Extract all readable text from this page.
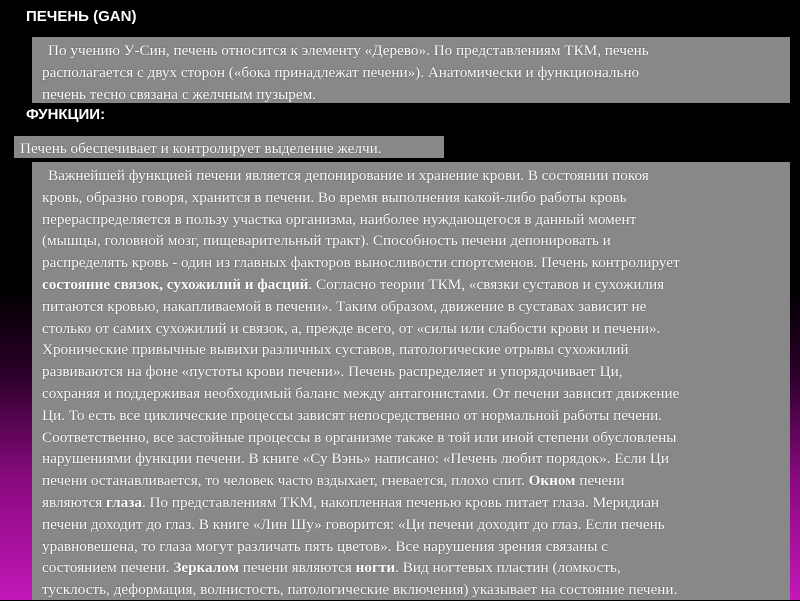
ПЕЧЕНЬ (GAN)
По учению У-Син, печень относится к элементу «Дерево». По представлениям ТКМ, печень
располагается с двух сторон («бока принадлежат печени»). Анатомически и функционально
печень тесно связана с желчным пузырем.
ФУНКЦИИ:
Печень обеспечивает и контролирует выделение желчи.
Важнейшей функцией печени является депонирование и хранение крови. В состоянии покоя
кровь, образно говоря, хранится в печени. Во время выполнения какой-либо работы кровь
перераспределяется в пользу участка организма, наиболее нуждающегося в данный момент
(мышцы, головной мозг, пищеварительный тракт). Способность печени депонировать и
распределять кровь - один из главных факторов выносливости спортсменов. Печень контролирует
состояние связок, сухожилий и фасций. Согласно теории ТКМ, «связки суставов и сухожилия
питаются кровью, накапливаемой в печени». Таким образом, движение в суставах зависит не
столько от самих сухожилий и связок, а, прежде всего, от «силы или слабости крови и печени».
Хронические привычные вывихи различных суставов, патологические отрывы сухожилий
развиваются на фоне «пустоты крови печени». Печень распределяет и упорядочивает Ци,
сохраняя и поддерживая необходимый баланс между антагонистами. От печени зависит движение
Ци. То есть все циклические процессы зависят непосредственно от нормальной работы печени.
Соответственно, все застойные процессы в организме также в той или иной степени обусловлены
нарушениями функции печени. В книге «Су Вэнь» написано: «Печень любит порядок». Если Ци
печени останавливается, то человек часто вздыхает, гневается, плохо спит. Окном печени
являются глаза. По представлениям ТКМ, накопленная печенью кровь питает глаза. Меридиан
печени доходит до глаз. В книге «Лин Шу» говорится: «Ци печени доходит до глаз. Если печень
уравновешена, то глаза могут различать пять цветов». Все нарушения зрения связаны с
состоянием печени. Зеркалом печени являются ногти. Вид ногтевых пластин (ломкость,
тусклость, деформация, волнистость, патологические включения) указывает на состояние печени.
